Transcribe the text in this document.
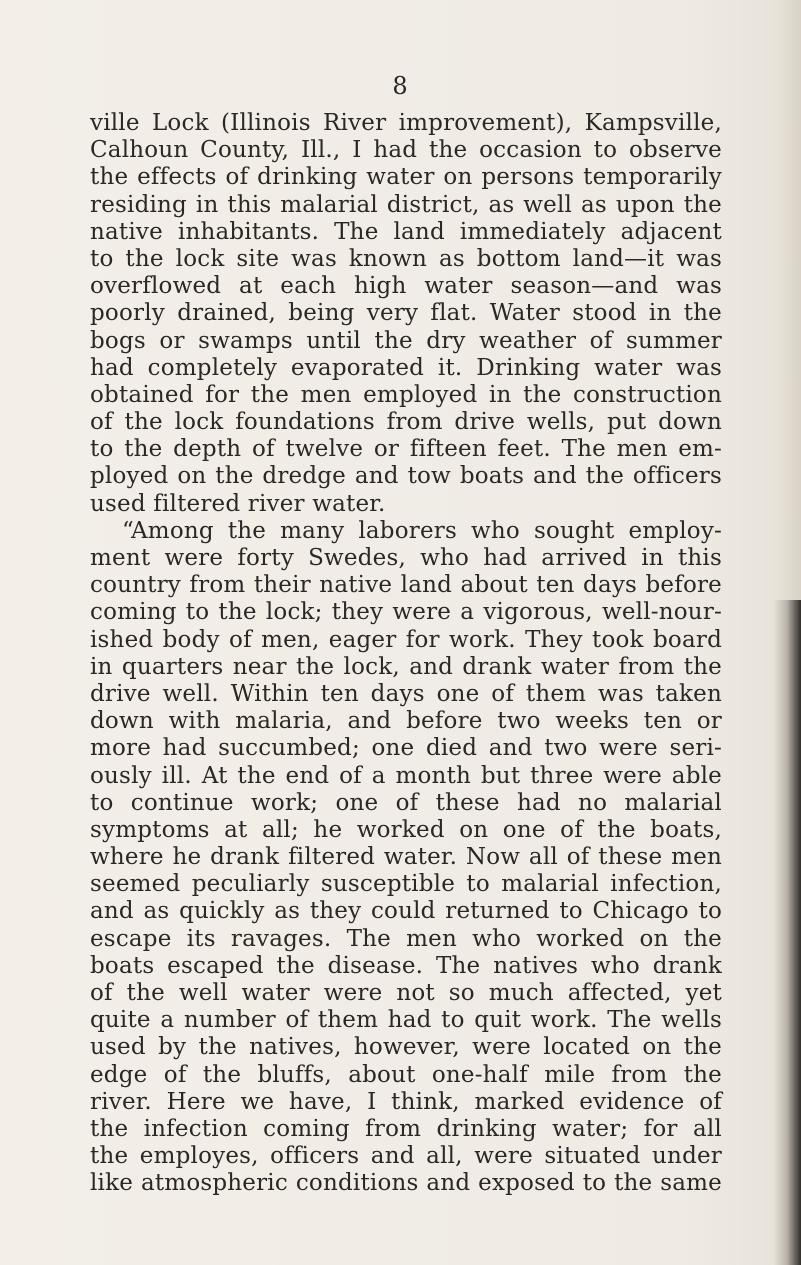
8
ville Lock (Illinois River improvement), Kampsville,
Calhoun County, Ill., I had the occasion to observe
the effects of drinking water on persons temporarily
residing in this malarial district, as well as upon the
native inhabitants. The land immediately adjacent
to the lock site was known as bottom land—it was
overflowed at each high water season—and was
poorly drained, being very flat. Water stood in the
bogs or swamps until the dry weather of summer
had completely evaporated it. Drinking water was
obtained for the men employed in the construction
of the lock foundations from drive wells, put down
to the depth of twelve or fifteen feet. The men em-
ployed on the dredge and tow boats and the officers
used filtered river water.
“Among the many laborers who sought employ-
ment were forty Swedes, who had arrived in this
country from their native land about ten days before
coming to the lock; they were a vigorous, well-nour-
ished body of men, eager for work. They took board
in quarters near the lock, and drank water from the
drive well. Within ten days one of them was taken
down with malaria, and before two weeks ten or
more had succumbed; one died and two were seri-
ously ill. At the end of a month but three were able
to continue work; one of these had no malarial
symptoms at all; he worked on one of the boats,
where he drank filtered water. Now all of these men
seemed peculiarly susceptible to malarial infection,
and as quickly as they could returned to Chicago to
escape its ravages. The men who worked on the
boats escaped the disease. The natives who drank
of the well water were not so much affected, yet
quite a number of them had to quit work. The wells
used by the natives, however, were located on the
edge of the bluffs, about one-half mile from the
river. Here we have, I think, marked evidence of
the infection coming from drinking water; for all
the employes, officers and all, were situated under
like atmospheric conditions and exposed to the same
